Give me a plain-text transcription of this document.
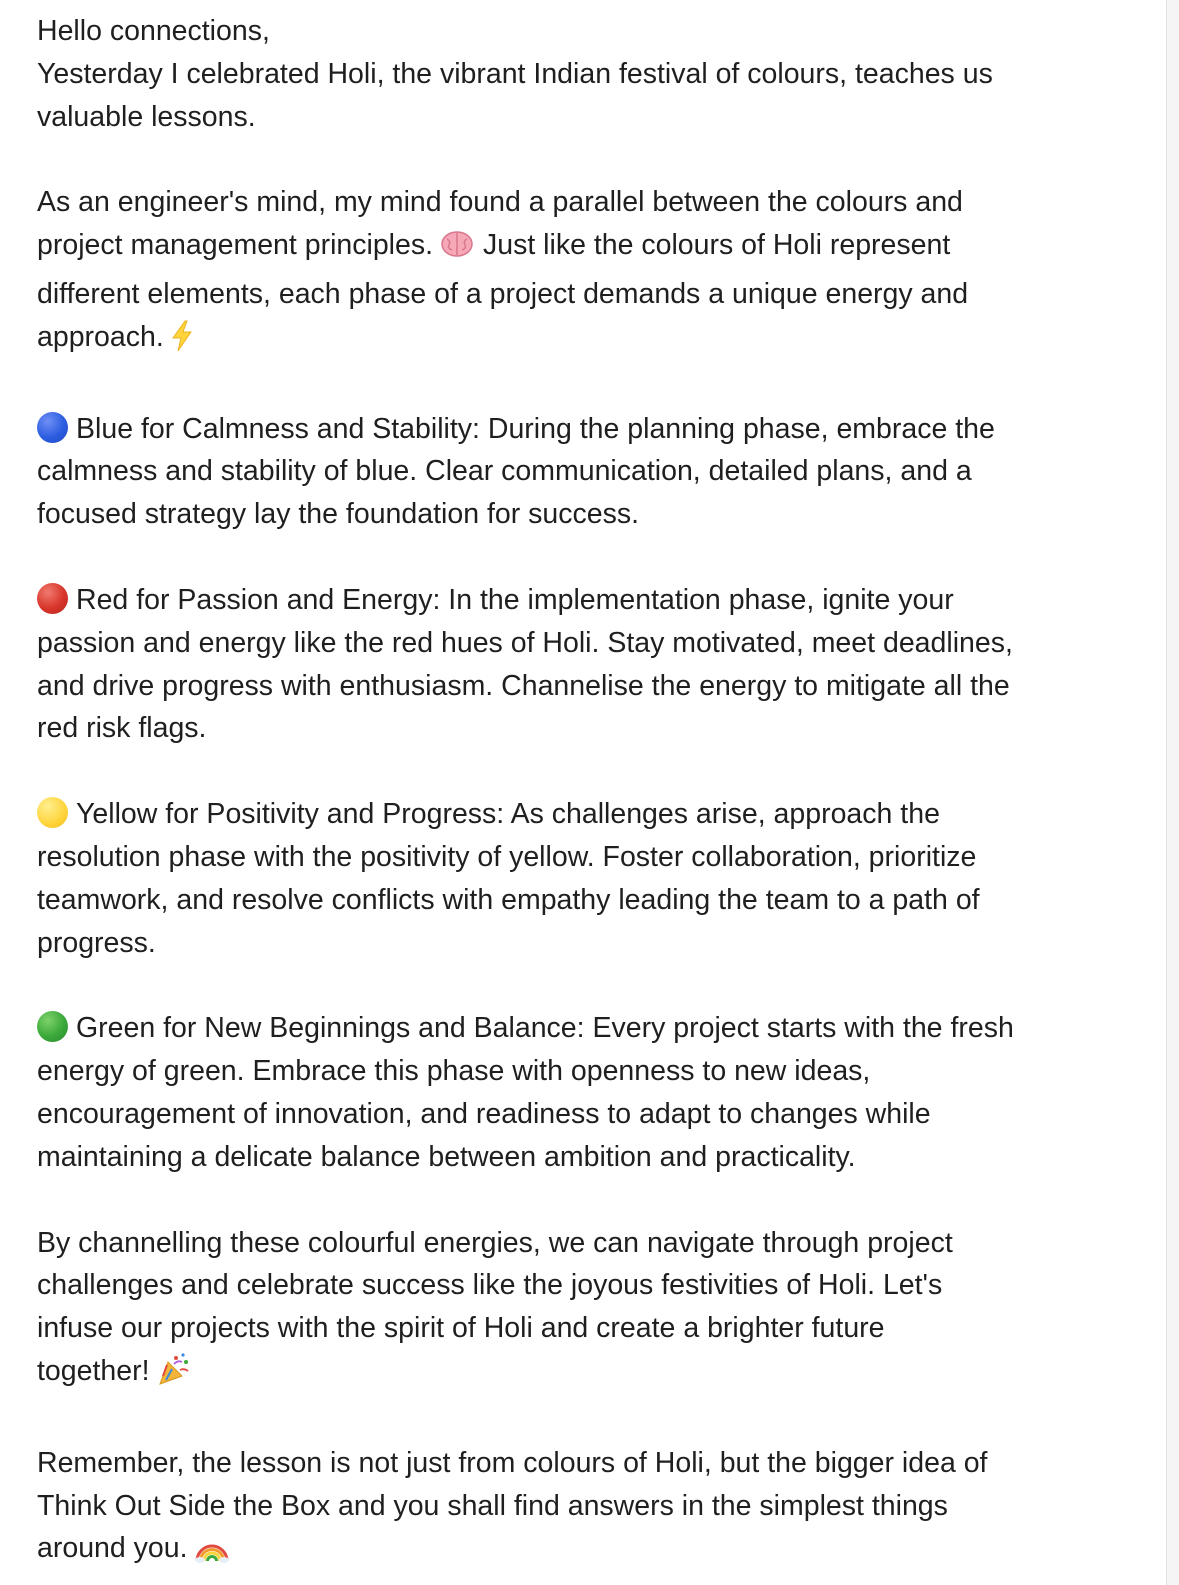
Hello connections,
Yesterday I celebrated Holi, the vibrant Indian festival of colours, teaches us
valuable lessons.

As an engineer's mind, my mind found a parallel between the colours and
project management principles. Just like the colours of Holi represent
different elements, each phase of a project demands a unique energy and
approach.

Blue for Calmness and Stability: During the planning phase, embrace the
calmness and stability of blue. Clear communication, detailed plans, and a
focused strategy lay the foundation for success.

Red for Passion and Energy: In the implementation phase, ignite your
passion and energy like the red hues of Holi. Stay motivated, meet deadlines,
and drive progress with enthusiasm. Channelise the energy to mitigate all the
red risk flags.

Yellow for Positivity and Progress: As challenges arise, approach the
resolution phase with the positivity of yellow. Foster collaboration, prioritize
teamwork, and resolve conflicts with empathy leading the team to a path of
progress.

Green for New Beginnings and Balance: Every project starts with the fresh
energy of green. Embrace this phase with openness to new ideas,
encouragement of innovation, and readiness to adapt to changes while
maintaining a delicate balance between ambition and practicality.

By channelling these colourful energies, we can navigate through project
challenges and celebrate success like the joyous festivities of Holi. Let's
infuse our projects with the spirit of Holi and create a brighter future
together!

Remember, the lesson is not just from colours of Holi, but the bigger idea of
Think Out Side the Box and you shall find answers in the simplest things
around you.
